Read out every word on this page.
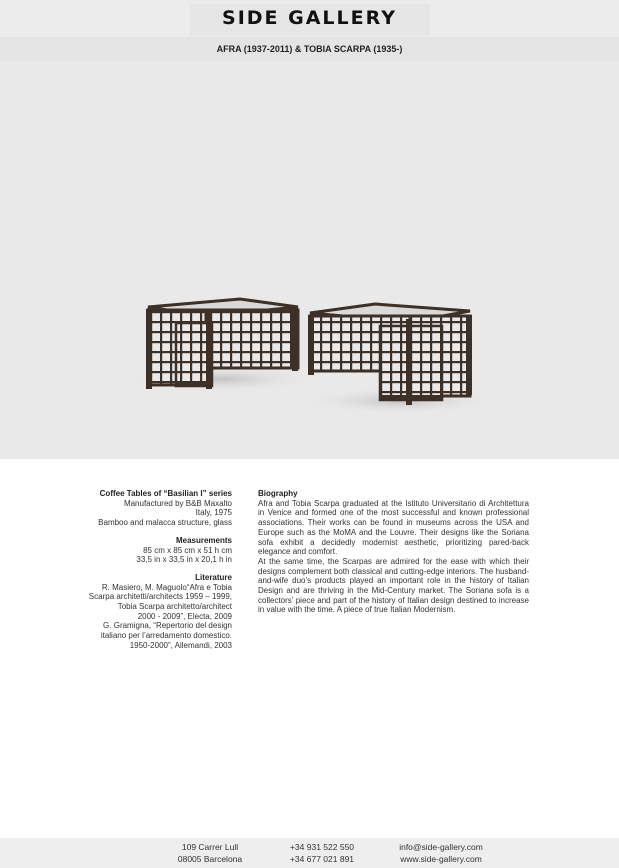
SIDE GALLERY
AFRA (1937-2011) & TOBIA SCARPA (1935-)
Coffee Tables of “Basilian I” series
Manufactured by B&B Maxalto
Italy, 1975
Bamboo and malacca structure, glass
Measurements
85 cm x 85 cm x 51 h cm
33,5 in x 33,5 in x 20,1 h in
Literature
R. Masiero, M. Maguolo“Afra e Tobia
Scarpa architetti/architects 1959 – 1999,
Tobia Scarpa architetto/architect
2000 - 2009”, Electa, 2009
G. Gramigna, “Repertorio del design
italiano per l’arredamento domestico.
1950-2000”, Allemandi, 2003
Biography

Afra and Tobia Scarpa graduated at the Istituto Universitario di Architettura in Venice and formed one of the most successful and known professional associations. Their works can be found in museums across the USA and Europe such as the MoMA and the Louvre. Their designs like the Soriana sofa exhibit a decidedly modernist aesthetic, prioritizing pared-back elegance and comfort.

At the same time, the Scarpas are admired for the ease with which their designs complement both classical and cutting-edge interiors. The husband-and-wife duo’s products played an important role in the history of Italian Design and are thriving in the Mid-Century market. The Soriana sofa is a collectors’ piece and part of the history of Italian design destined to increase in value with the time. A piece of true Italian Modernism.

109 Carrer Lull
08005 Barcelona
+34 931 522 550
+34 677 021 891
info@side-gallery.com
www.side-gallery.com
